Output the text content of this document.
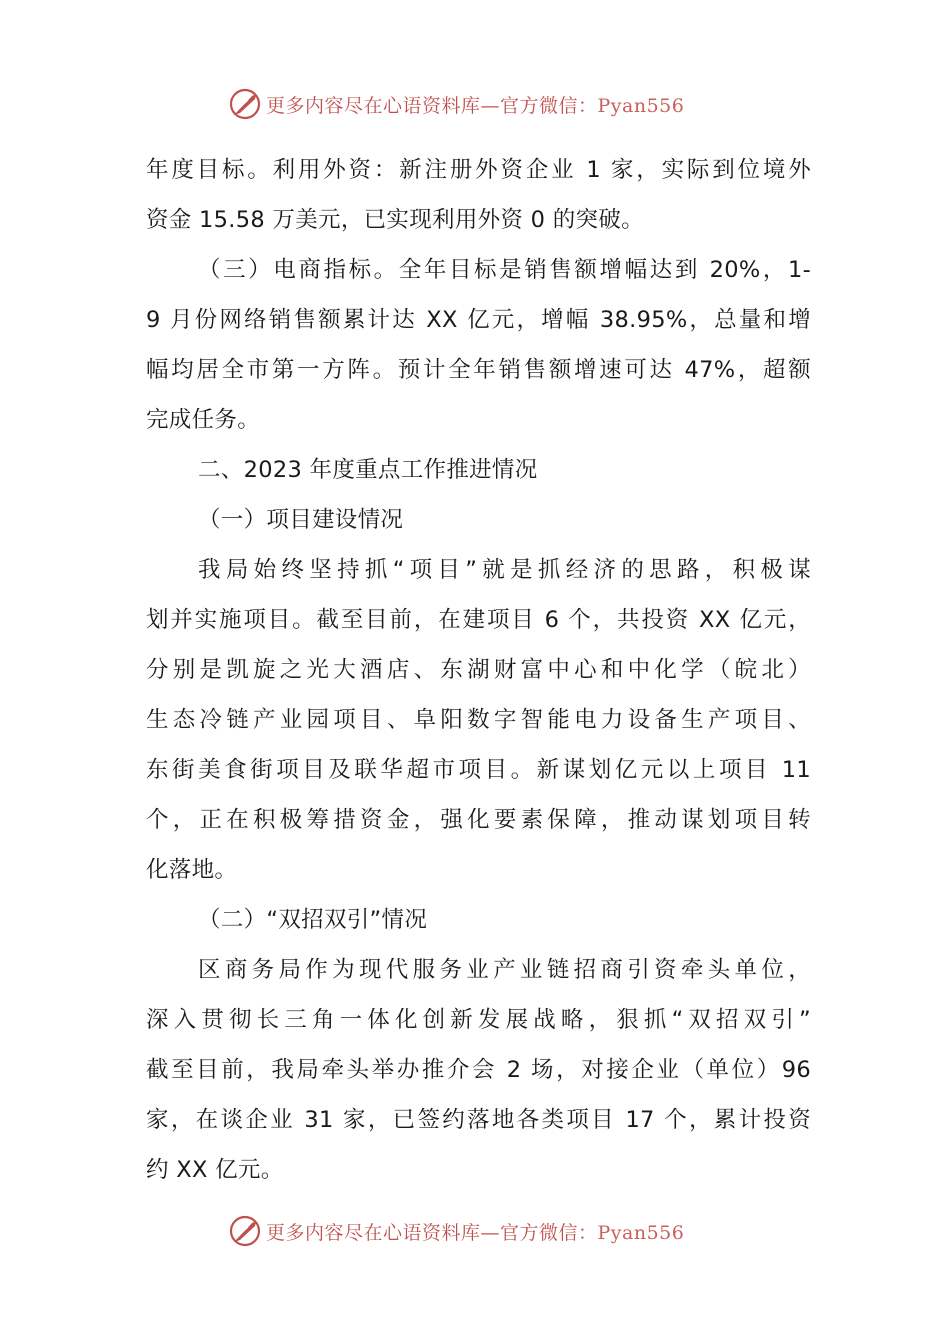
更多内容尽在心语资料库—官方微信：Pyan556
年度目标。利用外资：新注册外资企业 1 家，实际到位境外
资金 15.58 万美元，已实现利用外资 0 的突破。
（三）电商指标。全年目标是销售额增幅达到 20%，1-
9 月份网络销售额累计达 XX 亿元，增幅 38.95%，总量和增
幅均居全市第一方阵。预计全年销售额增速可达 47%，超额
完成任务。
二、2023 年度重点工作推进情况
（一）项目建设情况
我局始终坚持抓“项目”就是抓经济的思路，积极谋
划并实施项目。截至目前，在建项目 6 个，共投资 XX 亿元，
分别是凯旋之光大酒店、东湖财富中心和中化学（皖北）
生态冷链产业园项目、阜阳数字智能电力设备生产项目、
东街美食街项目及联华超市项目。新谋划亿元以上项目 11
个，正在积极筹措资金，强化要素保障，推动谋划项目转
化落地。
（二）“双招双引”情况
区商务局作为现代服务业产业链招商引资牵头单位，
深入贯彻长三角一体化创新发展战略，狠抓“双招双引”
截至目前，我局牵头举办推介会 2 场，对接企业（单位）96
家，在谈企业 31 家，已签约落地各类项目 17 个，累计投资
约 XX 亿元。
更多内容尽在心语资料库—官方微信：Pyan556
